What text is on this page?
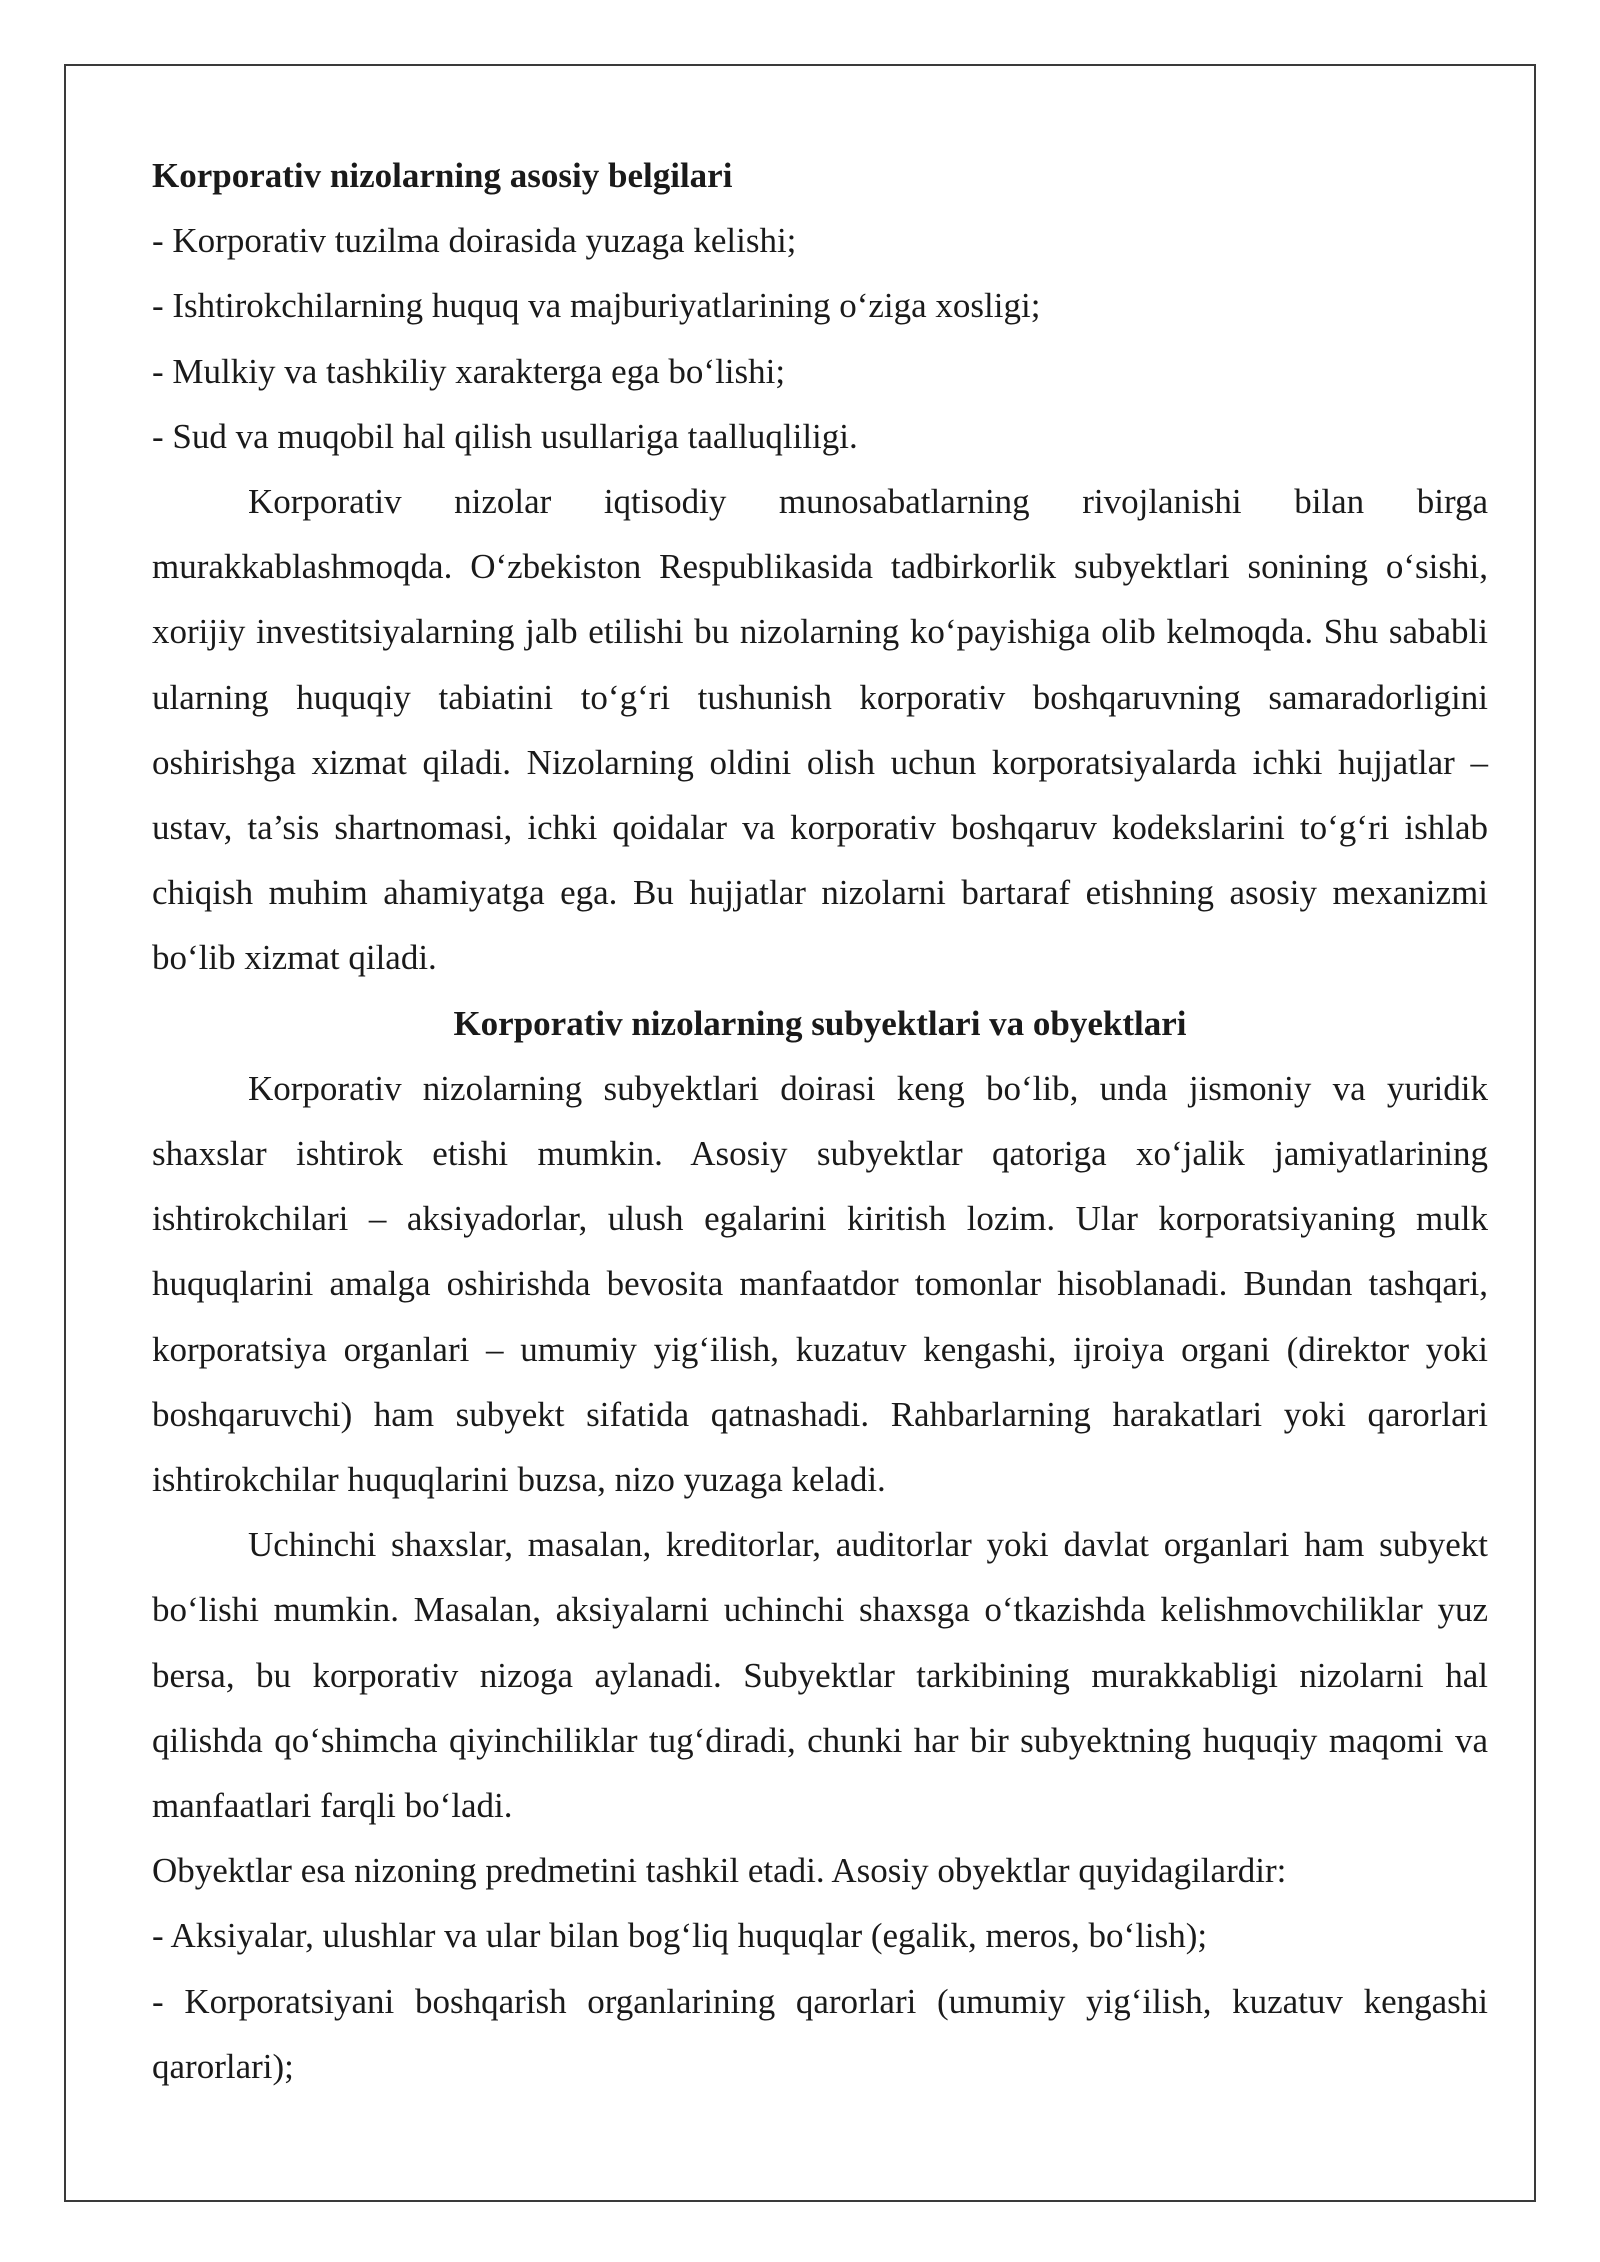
Korporativ nizolarning asosiy belgilari

- Korporativ tuzilma doirasida yuzaga kelishi;

- Ishtirokchilarning huquq va majburiyatlarining o‘ziga xosligi;

- Mulkiy va tashkiliy xarakterga ega bo‘lishi;

- Sud va muqobil hal qilish usullariga taalluqliligi.

Korporativ nizolar iqtisodiy munosabatlarning rivojlanishi bilan birga murakkablashmoqda. O‘zbekiston Respublikasida tadbirkorlik subyektlari sonining o‘sishi, xorijiy investitsiyalarning jalb etilishi bu nizolarning ko‘payishiga olib kelmoqda. Shu sababli ularning huquqiy tabiatini to‘g‘ri tushunish korporativ boshqaruvning samaradorligini oshirishga xizmat qiladi. Nizolarning oldini olish uchun korporatsiyalarda ichki hujjatlar – ustav, ta’sis shartnomasi, ichki qoidalar va korporativ boshqaruv kodekslarini to‘g‘ri ishlab chiqish muhim ahamiyatga ega. Bu hujjatlar nizolarni bartaraf etishning asosiy mexanizmi bo‘lib xizmat qiladi.

Korporativ nizolarning subyektlari va obyektlari

Korporativ nizolarning subyektlari doirasi keng bo‘lib, unda jismoniy va yuridik shaxslar ishtirok etishi mumkin. Asosiy subyektlar qatoriga xo‘jalik jamiyatlarining ishtirokchilari – aksiyadorlar, ulush egalarini kiritish lozim. Ular korporatsiyaning mulk huquqlarini amalga oshirishda bevosita manfaatdor tomonlar hisoblanadi. Bundan tashqari, korporatsiya organlari – umumiy yig‘ilish, kuzatuv kengashi, ijroiya organi (direktor yoki boshqaruvchi) ham subyekt sifatida qatnashadi. Rahbarlarning harakatlari yoki qarorlari ishtirokchilar huquqlarini buzsa, nizo yuzaga keladi.

Uchinchi shaxslar, masalan, kreditorlar, auditorlar yoki davlat organlari ham subyekt bo‘lishi mumkin. Masalan, aksiyalarni uchinchi shaxsga o‘tkazishda kelishmovchiliklar yuz bersa, bu korporativ nizoga aylanadi. Subyektlar tarkibining murakkabligi nizolarni hal qilishda qo‘shimcha qiyinchiliklar tug‘diradi, chunki har bir subyektning huquqiy maqomi va manfaatlari farqli bo‘ladi.

Obyektlar esa nizoning predmetini tashkil etadi. Asosiy obyektlar quyidagilardir:

- Aksiyalar, ulushlar va ular bilan bog‘liq huquqlar (egalik, meros, bo‘lish);

- Korporatsiyani boshqarish organlarining qarorlari (umumiy yig‘ilish, kuzatuv kengashi qarorlari);
